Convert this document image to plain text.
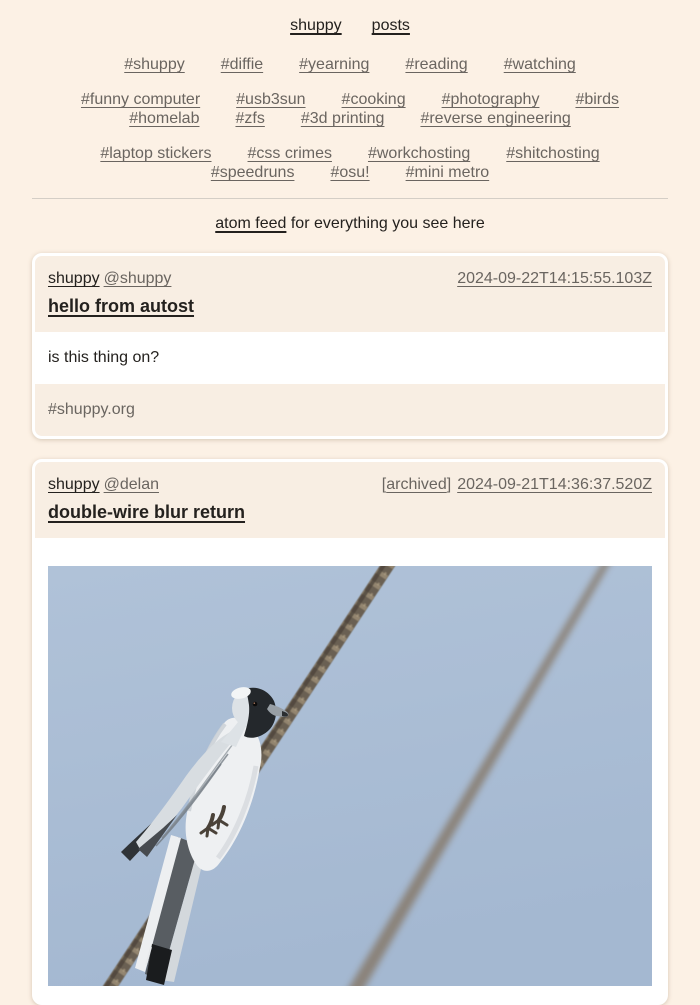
shuppy posts

#shuppy #diffie #yearning #reading #watching

#funny computer #usb3sun #cooking #photography #birds
#homelab #zfs #3d printing #reverse engineering

#laptop stickers #css crimes #workchosting #shitchosting
#speedruns #osu! #mini metro

atom feed for everything you see here

shuppy @shuppy	2024-09-22T14:15:55.103Z
hello from autost

is this thing on?

#shuppy.org
shuppy @delan	[archived] 2024-09-21T14:36:37.520Z
double-wire blur return
